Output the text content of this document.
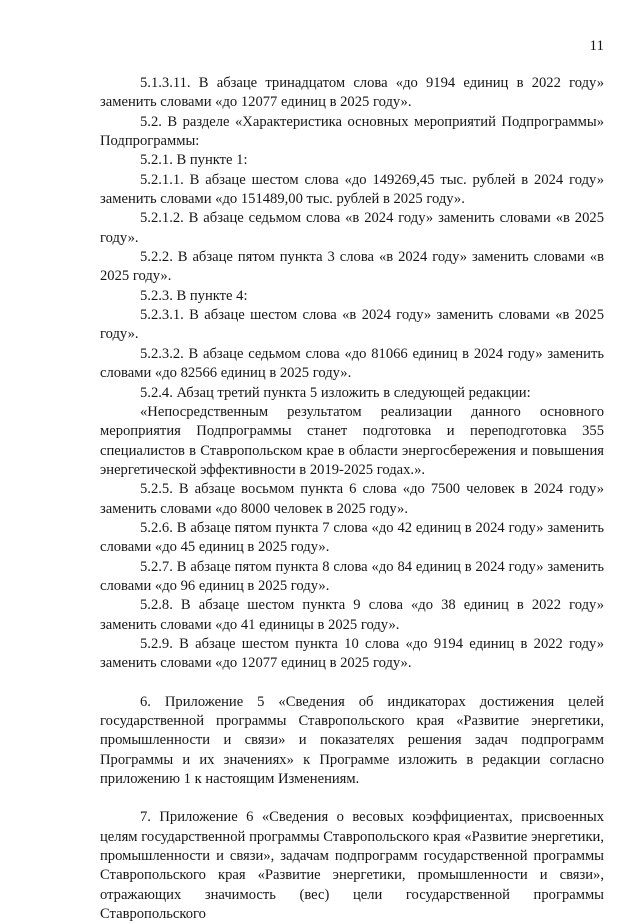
11

5.1.3.11. В абзаце тринадцатом слова «до 9194 единиц в 2022 году» заменить словами «до 12077 единиц в 2025 году».

5.2. В разделе «Характеристика основных мероприятий Подпрограммы» Подпрограммы:

5.2.1. В пункте 1:

5.2.1.1. В абзаце шестом слова «до 149269,45 тыс. рублей в 2024 году» заменить словами «до 151489,00 тыс. рублей в 2025 году».

5.2.1.2. В абзаце седьмом слова «в 2024 году» заменить словами «в 2025 году».

5.2.2. В абзаце пятом пункта 3 слова «в 2024 году» заменить словами «в 2025 году».

5.2.3. В пункте 4:

5.2.3.1. В абзаце шестом слова «в 2024 году» заменить словами «в 2025 году».

5.2.3.2. В абзаце седьмом слова «до 81066 единиц в 2024 году» заменить словами «до 82566 единиц в 2025 году».

5.2.4. Абзац третий пункта 5 изложить в следующей редакции:

«Непосредственным результатом реализации данного основного мероприятия Подпрограммы станет подготовка и переподготовка 355 специалистов в Ставропольском крае в области энергосбережения и повышения энергетической эффективности в 2019-2025 годах.».

5.2.5. В абзаце восьмом пункта 6 слова «до 7500 человек в 2024 году» заменить словами «до 8000 человек в 2025 году».

5.2.6. В абзаце пятом пункта 7 слова «до 42 единиц в 2024 году» заменить словами «до 45 единиц в 2025 году».

5.2.7. В абзаце пятом пункта 8 слова «до 84 единиц в 2024 году» заменить словами «до 96 единиц в 2025 году».

5.2.8. В абзаце шестом пункта 9 слова «до 38 единиц в 2022 году» заменить словами «до 41 единицы в 2025 году».

5.2.9. В абзаце шестом пункта 10 слова «до 9194 единиц в 2022 году» заменить словами «до 12077 единиц в 2025 году».

6. Приложение 5 «Сведения об индикаторах достижения целей государственной программы Ставропольского края «Развитие энергетики, промышленности и связи» и показателях решения задач подпрограмм Программы и их значениях» к Программе изложить в редакции согласно приложению 1 к настоящим Изменениям.

7. Приложение 6 «Сведения о весовых коэффициентах, присвоенных целям государственной программы Ставропольского края «Развитие энергетики, промышленности и связи», задачам подпрограмм государственной программы Ставропольского края «Развитие энергетики, промышленности и связи», отражающих значимость (вес) цели государственной программы Ставропольского
